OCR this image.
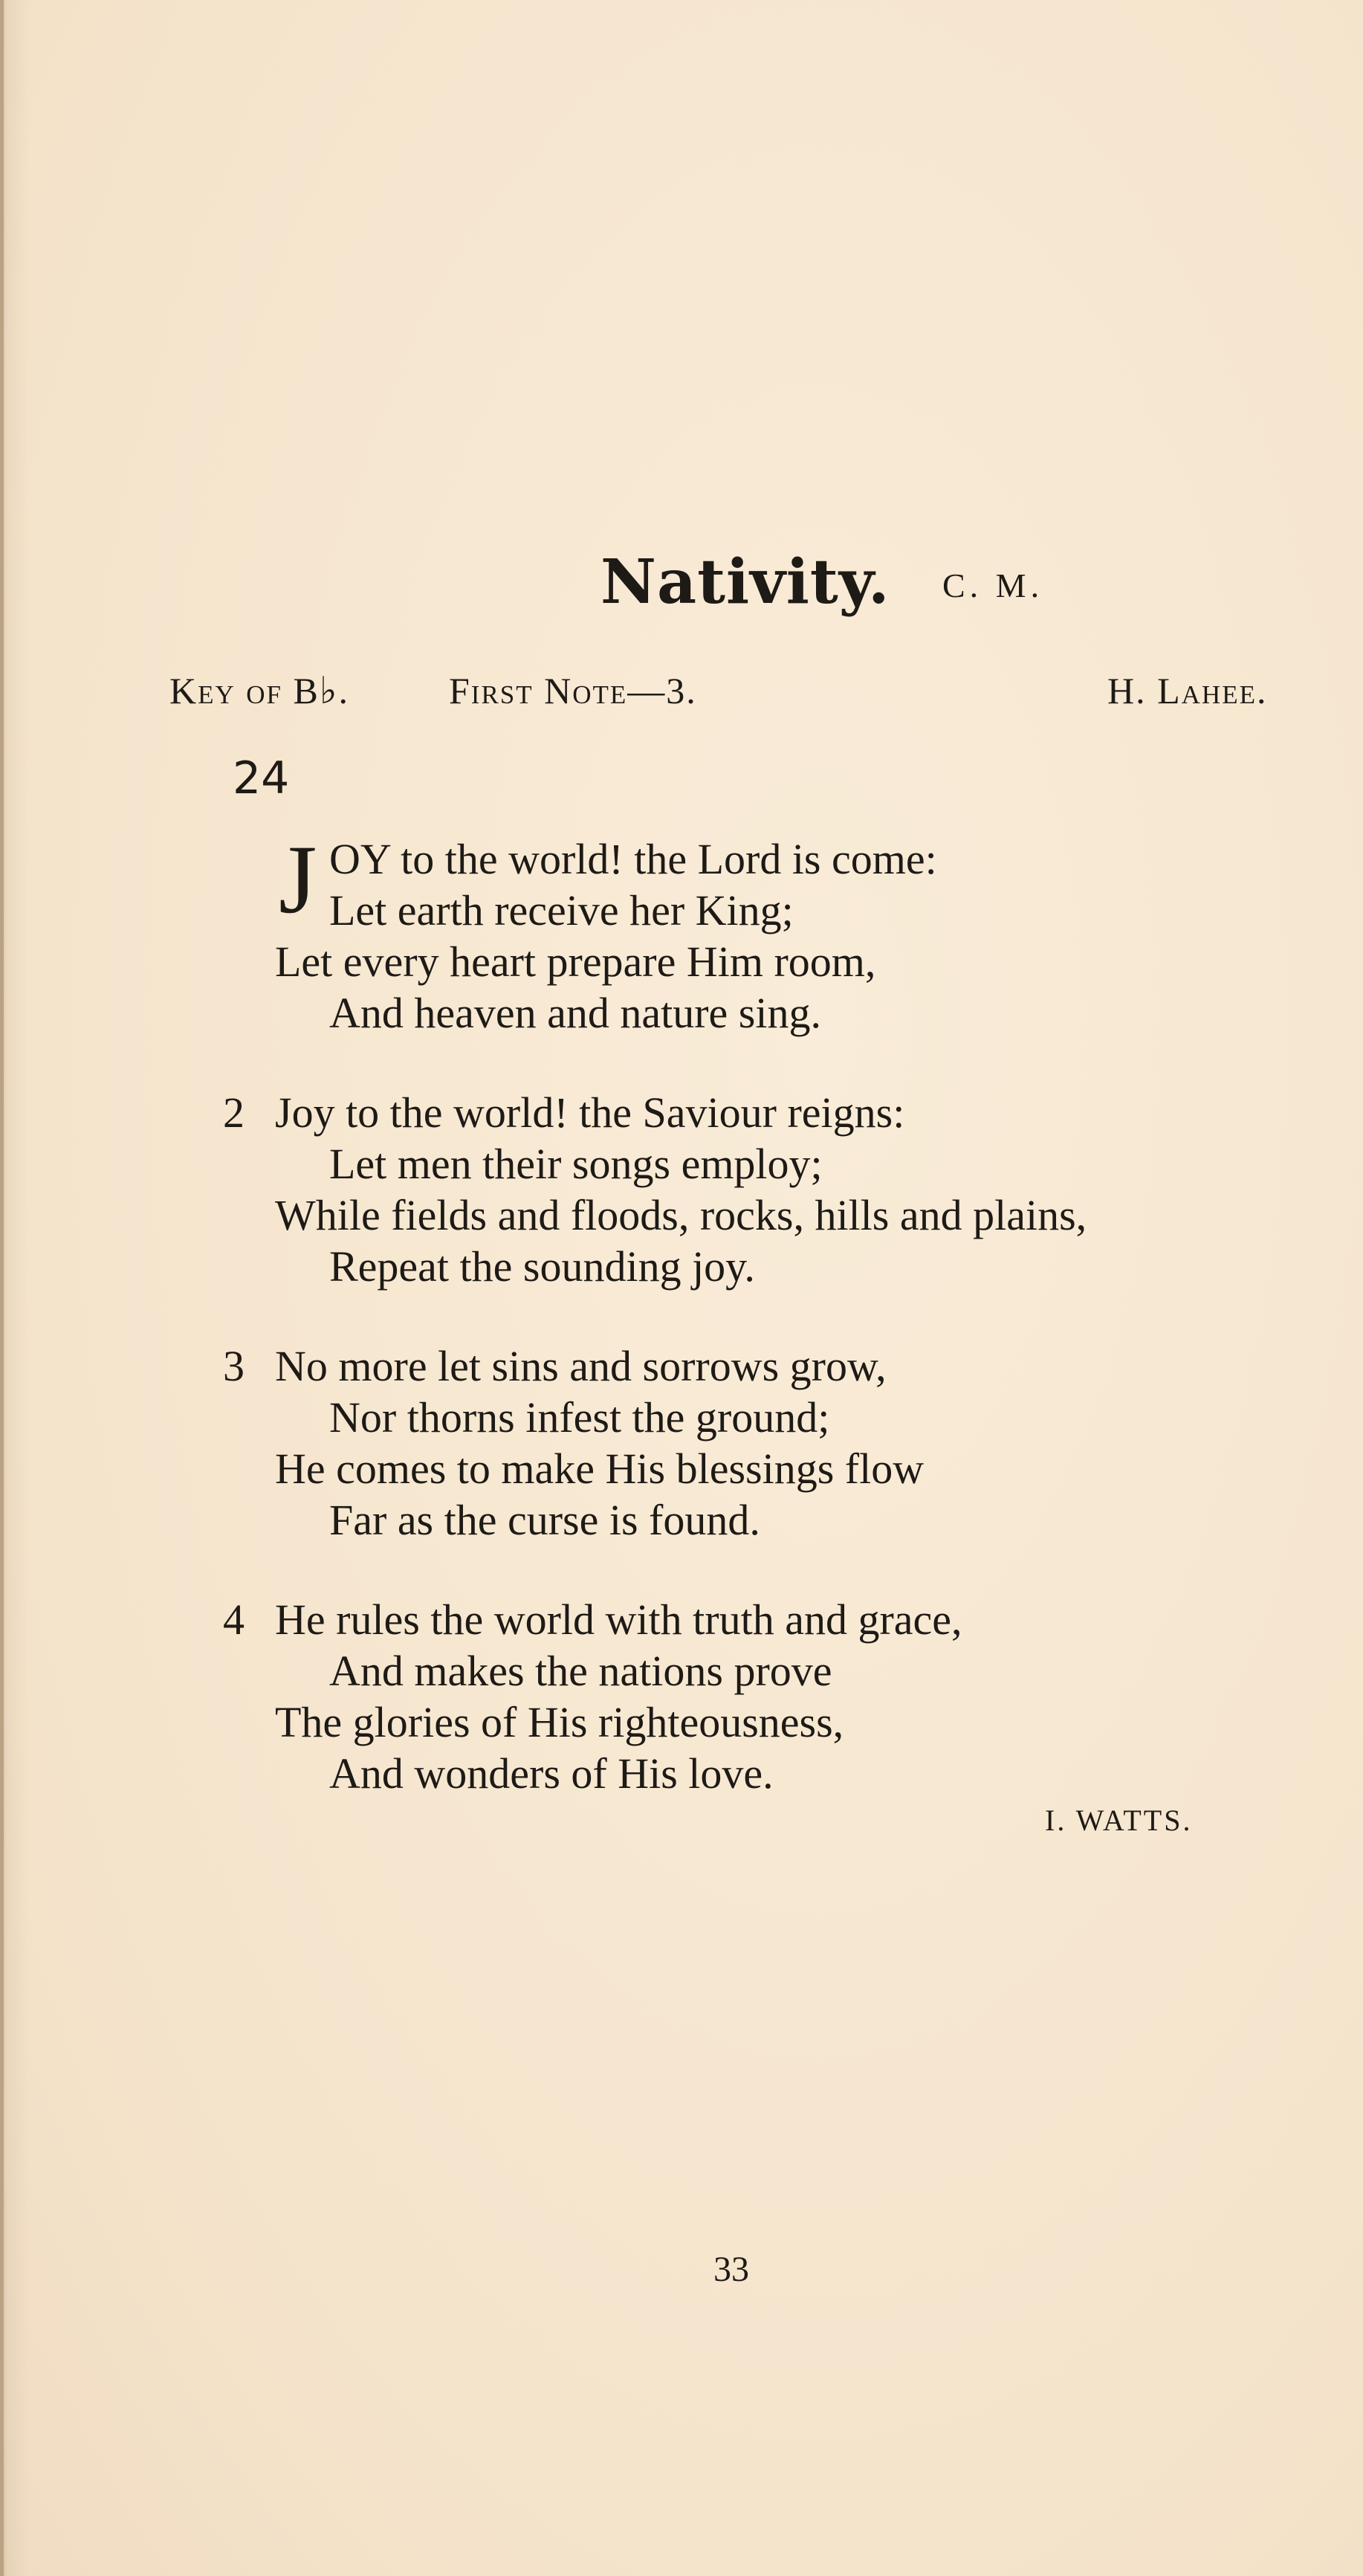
Nativity. C. M.
Key of B♭.	First Note—3.	H. Lahee.
24
J OY to the world! the Lord is come:
Let earth receive her King;
Let every heart prepare Him room,
And heaven and nature sing.
2 Joy to the world! the Saviour reigns:
Let men their songs employ;
While fields and floods, rocks, hills and plains,
Repeat the sounding joy.
3 No more let sins and sorrows grow,
Nor thorns infest the ground;
He comes to make His blessings flow
Far as the curse is found.
4 He rules the world with truth and grace,
And makes the nations prove
The glories of His righteousness,
And wonders of His love.
I. WATTS.
33
